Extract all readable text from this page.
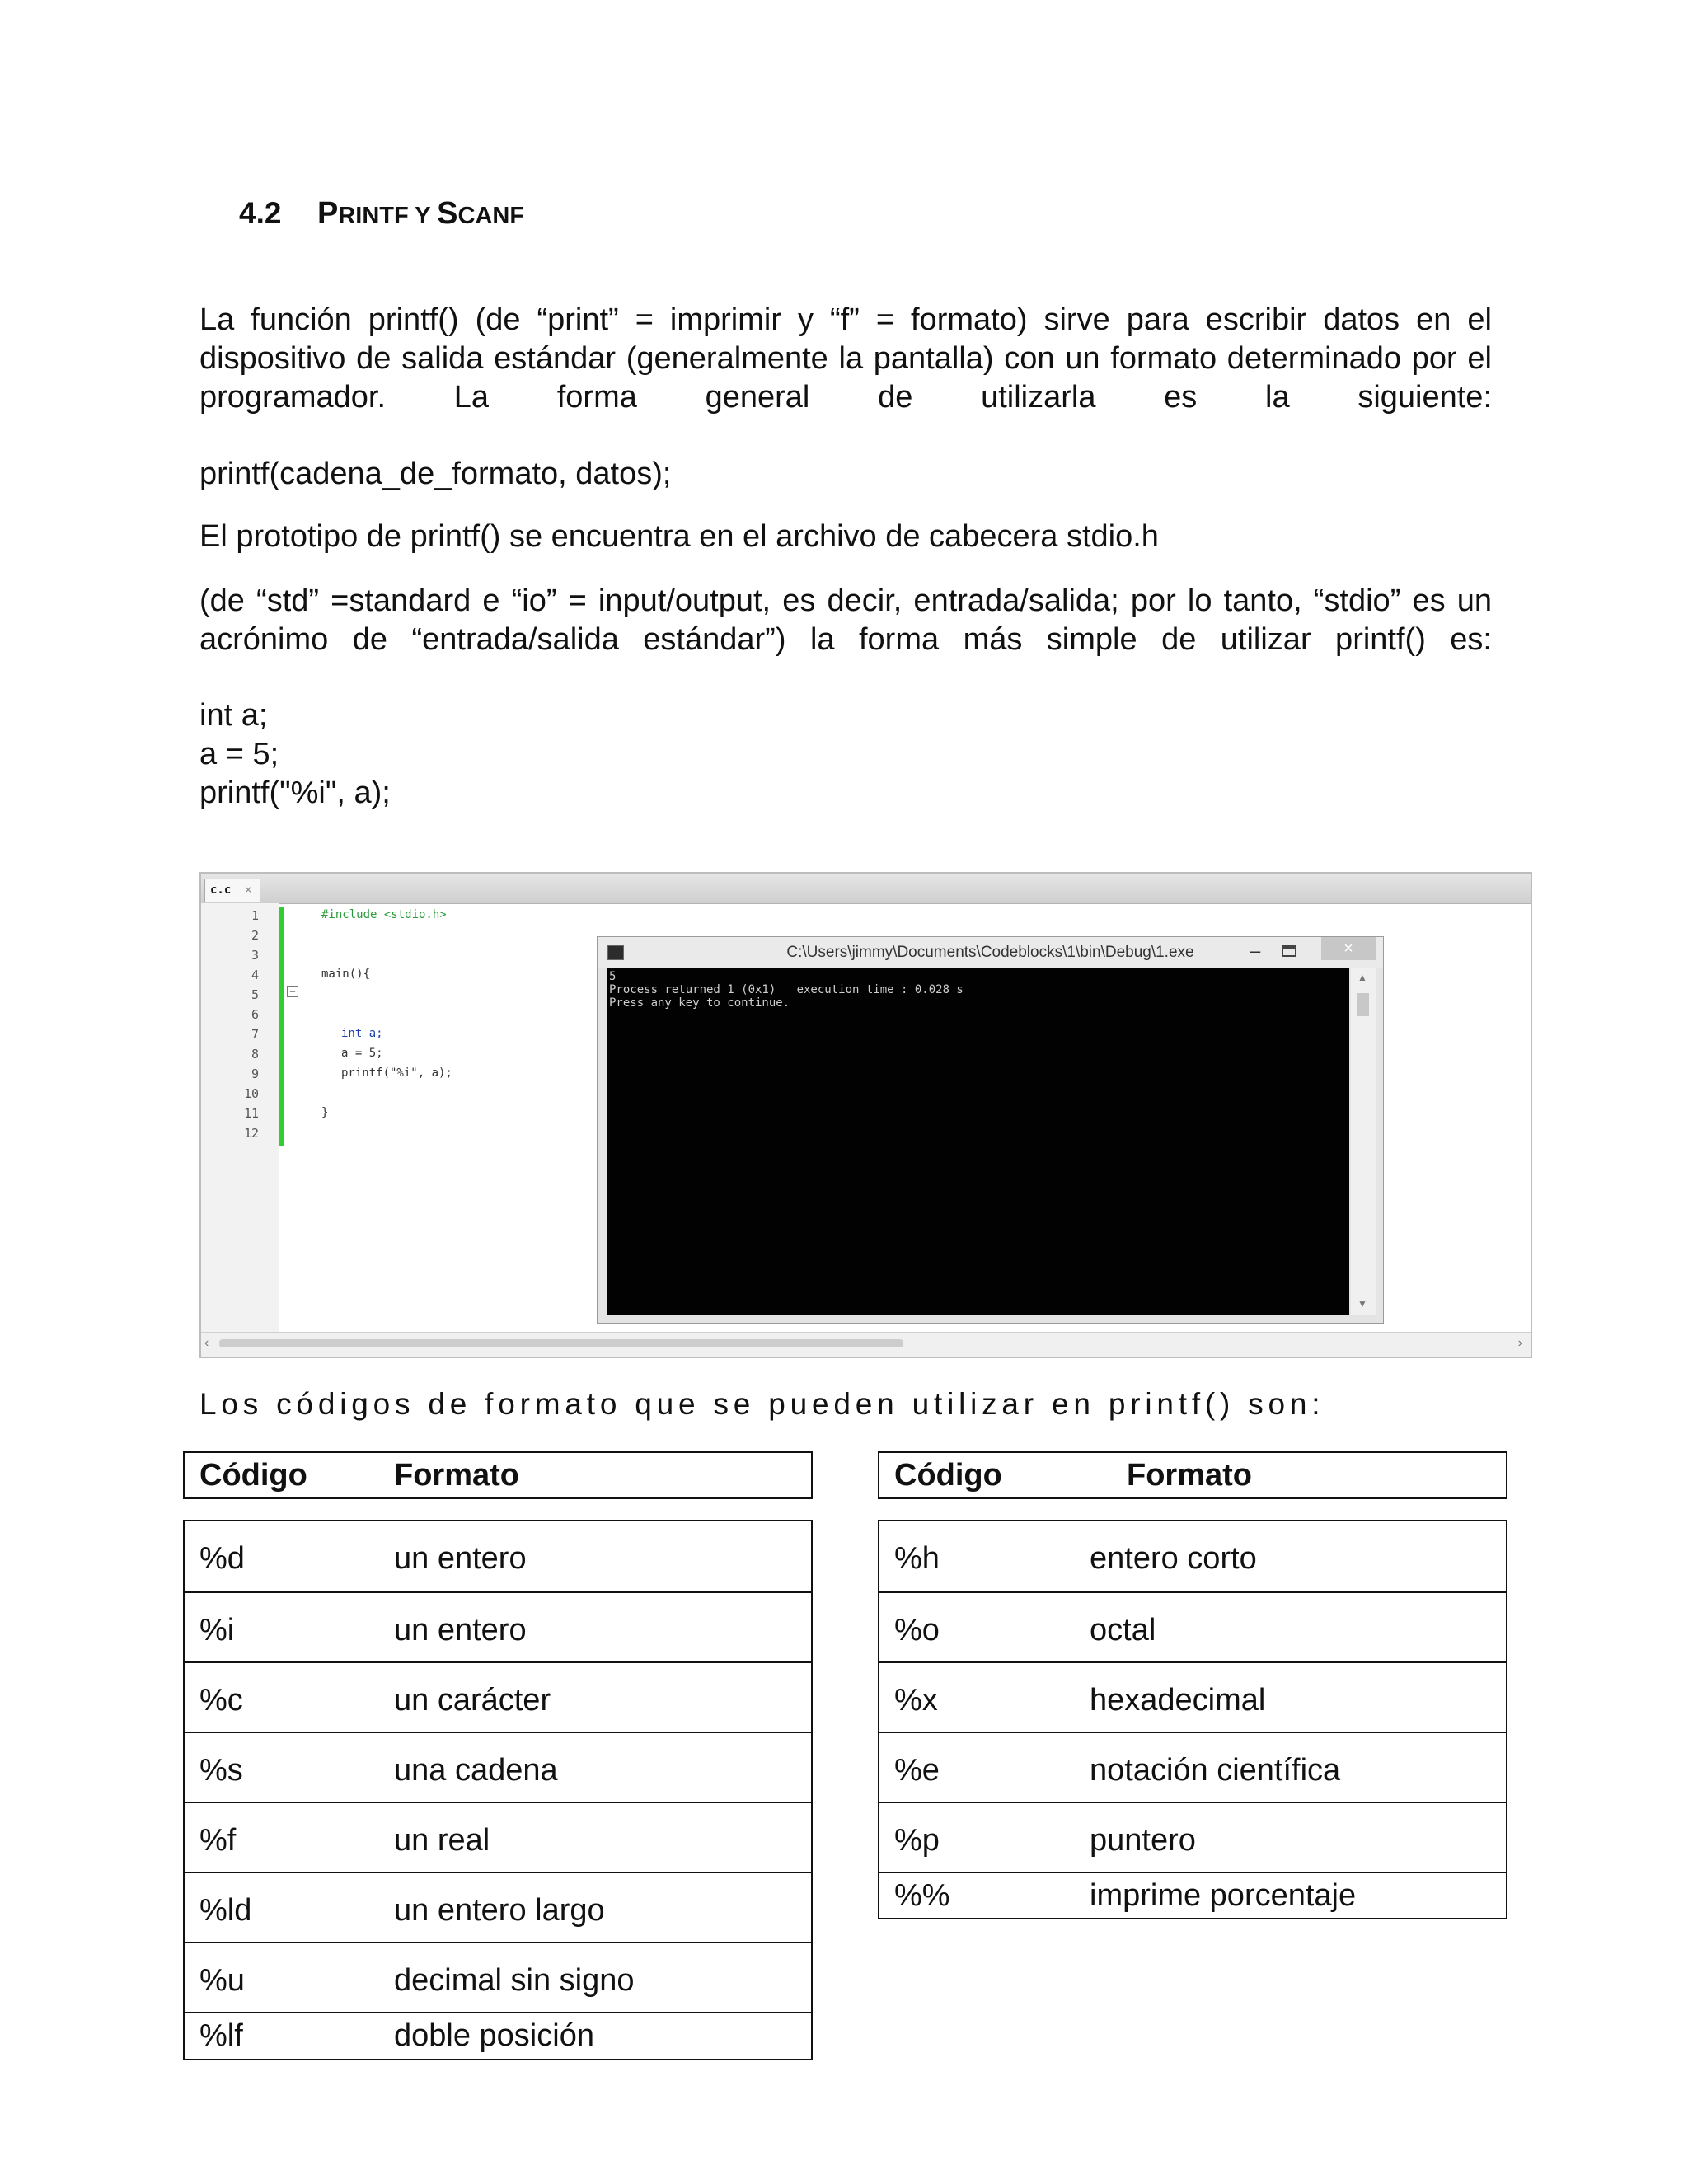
4.2 PRINTF Y SCANF
La función printf() (de “print” = imprimir y “f” = formato) sirve para escribir datos en el dispositivo de salida estándar (generalmente la pantalla) con un formato determinado por el programador. La forma general de utilizarla es la siguiente:
printf(cadena_de_formato, datos);
El prototipo de printf() se encuentra en el archivo de cabecera stdio.h
(de “std” =standard e “io” = input/output, es decir, entrada/salida; por lo tanto, “stdio” es un acrónimo de “entrada/salida estándar”) la forma más simple de utilizar printf() es:
int a;
a = 5;
printf("%i", a);
c.c ×
1
2
3
4
5
6
7
8
9
10
11
12
−
#include <stdio.h>
main(){
int a;
a = 5;
printf("%i", a);
}
C:\Users\jimmy\Documents\Codeblocks\1\bin\Debug\1.exe	–	×
5
Process returned 1 (0x1)   execution time : 0.028 s
Press any key to continue.
▲
▼
‹	›
Los códigos de formato que se pueden utilizar en printf() son:
Código	Formato
%d	un entero
%i	un entero
%c	un carácter
%s	una cadena
%f	un real
%ld	un entero largo
%u	decimal sin signo
%lf	doble posición
Código	Formato
%h	entero corto
%o	octal
%x	hexadecimal
%e	notación científica
%p	puntero
%%	imprime porcentaje
